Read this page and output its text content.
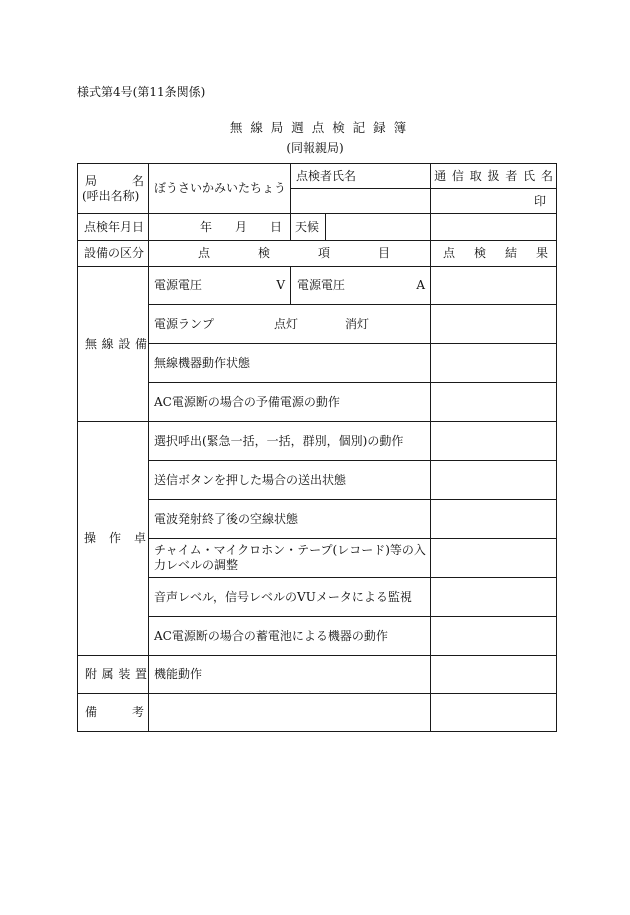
様式第4号(第11条関係)
無 線 局 週 点 検 記 録 簿
(同報親局)
局 名
(呼出名称)	ぼうさいかみいたちょう	点検者氏名		通 信 取 扱 者 氏 名
				印
点検年月日	年 月 日	天候		
設備の区分	点 検 項 目			点 検 結 果

無 線 設 備	電源電圧 V	電源電圧 A		

	電源ランプ 点灯 消灯			
	無線機器動作状態			
	AC電源断の場合の予備電源の動作			

操 作 卓	選択呼出(緊急一括，一括，群別，個別)の動作			
	送信ボタンを押した場合の送出状態			
	電波発射終了後の空線状態			

	チャイム・マイクロホン・テープ(レコード)等の入
力レベルの調整			

	音声レベル，信号レベルのVUメータによる監視			
	AC電源断の場合の蓄電池による機器の動作			

附 属 装 置	機能動作			

備 考				
